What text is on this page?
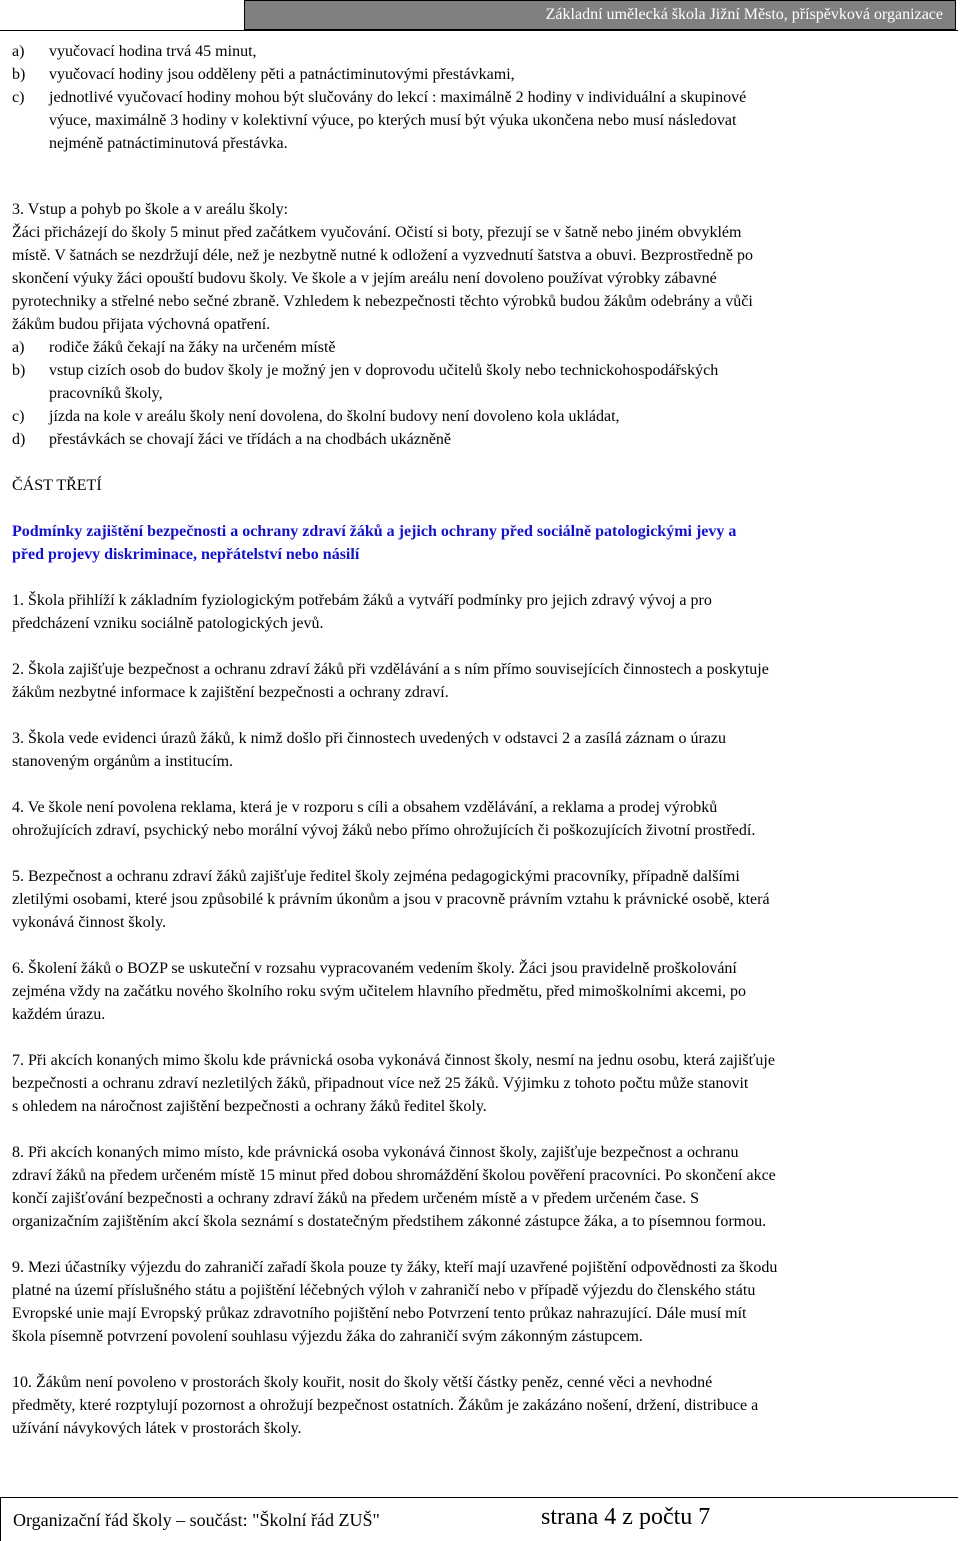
Základní umělecká škola Jižní Město, příspěvková organizace
a) vyučovací hodina trvá 45 minut,
b) vyučovací hodiny jsou odděleny pěti a patnáctiminutovými přestávkami,
c) jednotlivé vyučovací hodiny mohou být slučovány do lekcí : maximálně 2 hodiny v individuální a skupinové
výuce, maximálně 3 hodiny v kolektivní výuce, po kterých musí být výuka ukončena nebo musí následovat
nejméně patnáctiminutová přestávka.
3. Vstup a pohyb po škole a v areálu školy:
Žáci přicházejí do školy 5 minut před začátkem vyučování. Očistí si boty, přezují se v šatně nebo jiném obvyklém
místě. V šatnách se nezdržují déle, než je nezbytně nutné k odložení a vyzvednutí šatstva a obuvi. Bezprostředně po
skončení výuky žáci opouští budovu školy. Ve škole a v jejím areálu není dovoleno používat výrobky zábavné
pyrotechniky a střelné nebo sečné zbraně. Vzhledem k nebezpečnosti těchto výrobků budou žákům odebrány a vůči
žákům budou přijata výchovná opatření.
a) rodiče žáků čekají na žáky na určeném místě
b) vstup cizích osob do budov školy je možný jen v doprovodu učitelů školy nebo technickohospodářských
pracovníků školy,
c) jízda na kole v areálu školy není dovolena, do školní budovy není dovoleno kola ukládat,
d) přestávkách se chovají žáci ve třídách a na chodbách ukázněně
ČÁST TŘETÍ
Podmínky zajištění bezpečnosti a ochrany zdraví žáků a jejich ochrany před sociálně patologickými jevy a
před projevy diskriminace, nepřátelství nebo násilí
1. Škola přihlíží k základním fyziologickým potřebám žáků a vytváří podmínky pro jejich zdravý vývoj a pro
předcházení vzniku sociálně patologických jevů.
2. Škola zajišťuje bezpečnost a ochranu zdraví žáků při vzdělávání a s ním přímo souvisejících činnostech a poskytuje
žákům nezbytné informace k zajištění bezpečnosti a ochrany zdraví.
3. Škola vede evidenci úrazů žáků, k nimž došlo při činnostech uvedených v odstavci 2 a zasílá záznam o úrazu
stanoveným orgánům a institucím.
4. Ve škole není povolena reklama, která je v rozporu s cíli a obsahem vzdělávání, a reklama a prodej výrobků
ohrožujících zdraví, psychický nebo morální vývoj žáků nebo přímo ohrožujících či poškozujících životní prostředí.
5. Bezpečnost a ochranu zdraví žáků zajišťuje ředitel školy zejména pedagogickými pracovníky, případně dalšími
zletilými osobami, které jsou způsobilé k právním úkonům a jsou v pracovně právním vztahu k právnické osobě, která
vykonává činnost školy.
6. Školení žáků o BOZP se uskuteční v rozsahu vypracovaném vedením školy. Žáci jsou pravidelně proškolování
zejména vždy na začátku nového školního roku svým učitelem hlavního předmětu, před mimoškolními akcemi, po
každém úrazu.
7. Při akcích konaných mimo školu kde právnická osoba vykonává činnost školy, nesmí na jednu osobu, která zajišťuje
bezpečnosti a ochranu zdraví nezletilých žáků, připadnout více než 25 žáků. Výjimku z tohoto počtu může stanovit
s ohledem na náročnost zajištění bezpečnosti a ochrany žáků ředitel školy.
8. Při akcích konaných mimo místo, kde právnická osoba vykonává činnost školy, zajišťuje bezpečnost a ochranu
zdraví žáků na předem určeném místě 15 minut před dobou shromáždění školou pověření pracovníci. Po skončení akce
končí zajišťování bezpečnosti a ochrany zdraví žáků na předem určeném místě a v předem určeném čase. S
organizačním zajištěním akcí škola seznámí s dostatečným předstihem zákonné zástupce žáka, a to písemnou formou.
9. Mezi účastníky výjezdu do zahraničí zařadí škola pouze ty žáky, kteří mají uzavřené pojištění odpovědnosti za škodu
platné na území příslušného státu a pojištění léčebných výloh v zahraničí nebo v případě výjezdu do členského státu
Evropské unie mají Evropský průkaz zdravotního pojištění nebo Potvrzení tento průkaz nahrazující. Dále musí mít
škola písemně potvrzení povolení souhlasu výjezdu žáka do zahraničí svým zákonným zástupcem.
10. Žákům není povoleno v prostorách školy kouřit, nosit do školy větší částky peněz, cenné věci a nevhodné
předměty, které rozptylují pozornost a ohrožují bezpečnost ostatních. Žákům je zakázáno nošení, držení, distribuce a
užívání návykových látek v prostorách školy.
Organizační řád školy – součást: "Školní řád ZUŠ"	strana 4 z počtu 7
